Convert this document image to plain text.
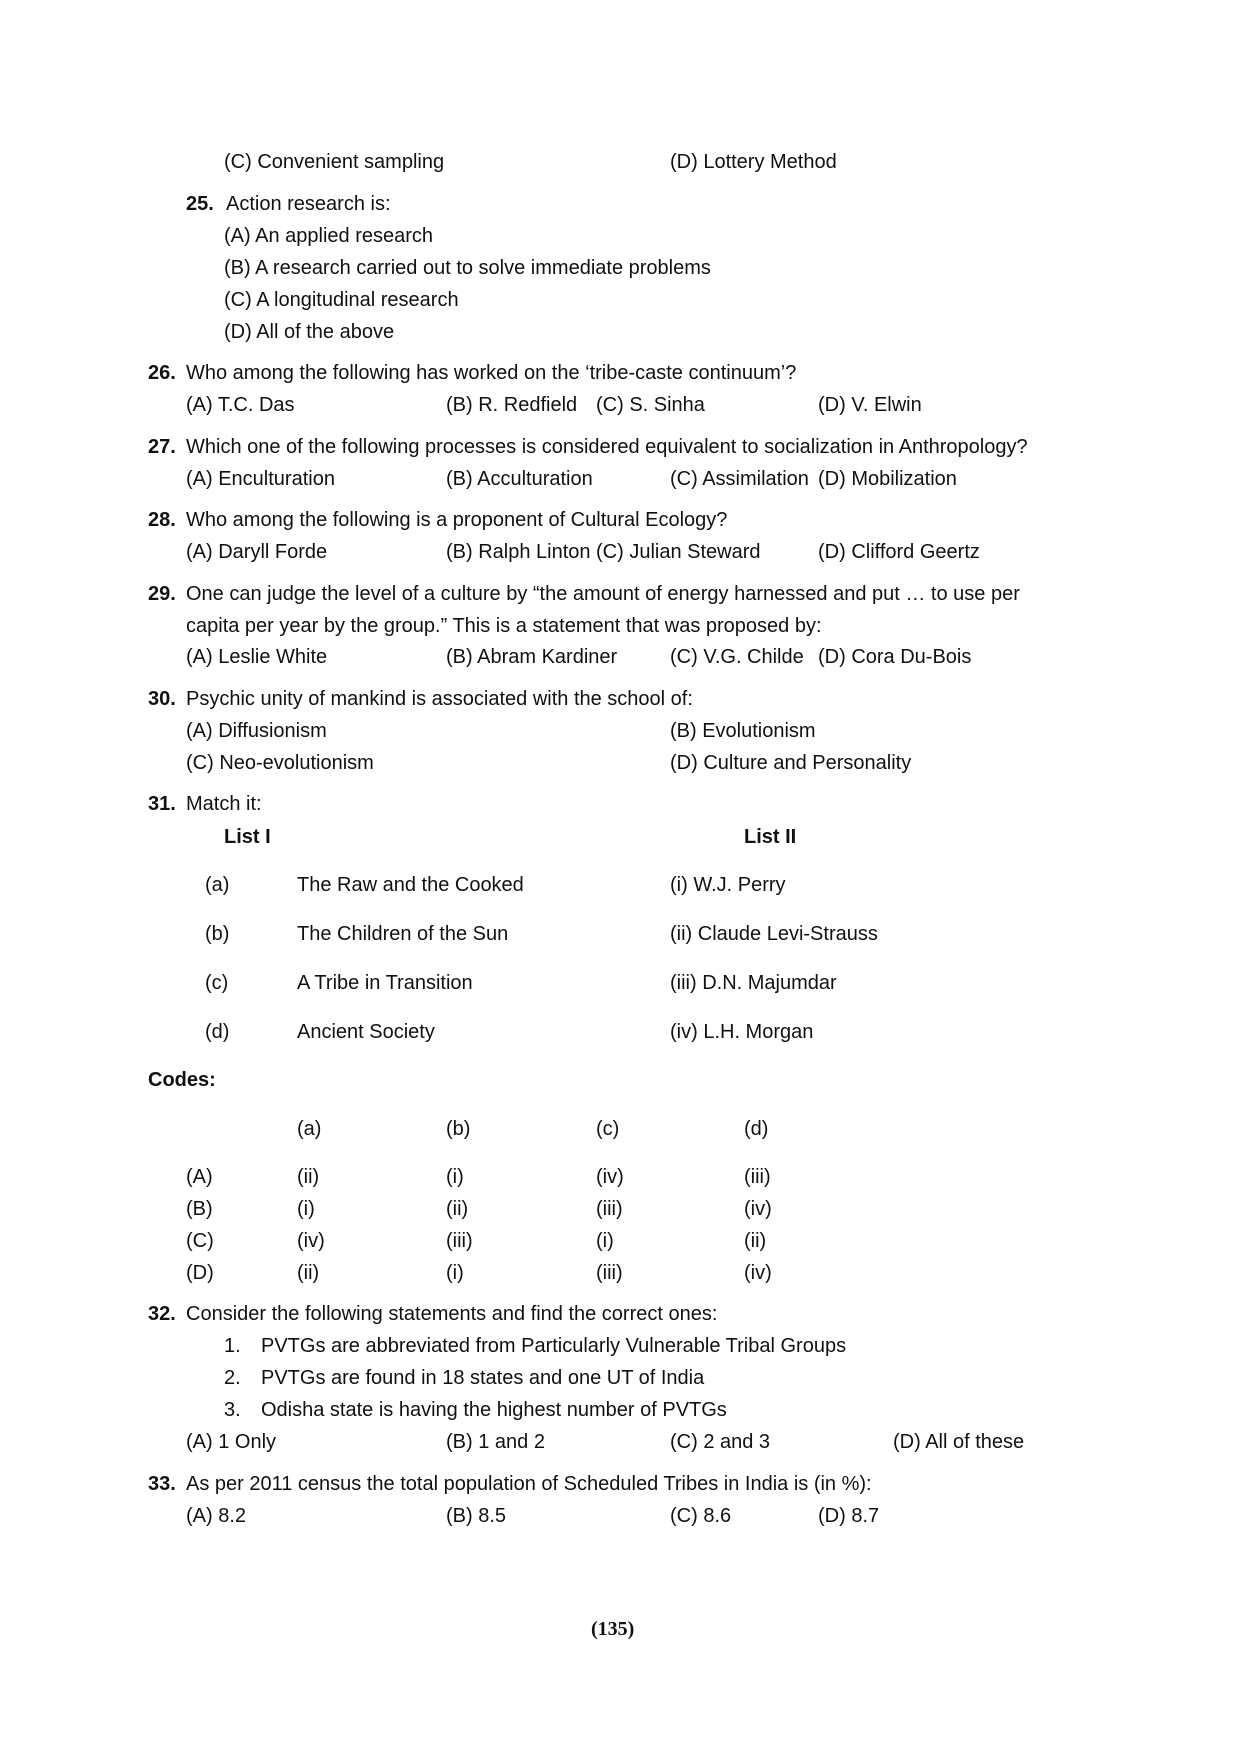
(C) Convenient sampling	(D) Lottery Method
25. Action research is:
(A) An applied research
(B) A research carried out to solve immediate problems
(C) A longitudinal research
(D) All of the above
26. Who among the following has worked on the ‘tribe-caste continuum’?
(A) T.C. Das	(B) R. Redfield (C) S. Sinha	(D) V. Elwin
27. Which one of the following processes is considered equivalent to socialization in Anthropology?
(A) Enculturation	(B) Acculturation	(C) Assimilation (D) Mobilization
28. Who among the following is a proponent of Cultural Ecology?
(A) Daryll Forde	(B) Ralph Linton (C) Julian Steward	(D) Clifford Geertz
29. One can judge the level of a culture by “the amount of energy harnessed and put … to use per
capita per year by the group.” This is a statement that was proposed by:
(A) Leslie White	(B) Abram Kardiner	(C) V.G. Childe (D) Cora Du-Bois
30. Psychic unity of mankind is associated with the school of:
(A) Diffusionism	(B) Evolutionism
(C) Neo-evolutionism	(D) Culture and Personality
31. Match it:
List I	List II
(a)	The Raw and the Cooked	(i) W.J. Perry
(b)	The Children of the Sun	(ii) Claude Levi-Strauss
(c)	A Tribe in Transition	(iii) D.N. Majumdar
(d)	Ancient Society	(iv) L.H. Morgan
Codes:
(a)	(b)	(c)	(d)
(A)	(ii)	(i)	(iv)	(iii)
(B)	(i)	(ii)	(iii)	(iv)
(C)	(iv)	(iii)	(i)	(ii)
(D)	(ii)	(i)	(iii)	(iv)
32. Consider the following statements and find the correct ones:
1. PVTGs are abbreviated from Particularly Vulnerable Tribal Groups
2. PVTGs are found in 18 states and one UT of India
3. Odisha state is having the highest number of PVTGs
(A) 1 Only	(B) 1 and 2	(C) 2 and 3	(D) All of these
33. As per 2011 census the total population of Scheduled Tribes in India is (in %):
(A) 8.2	(B) 8.5	(C) 8.6	(D) 8.7
(135)
